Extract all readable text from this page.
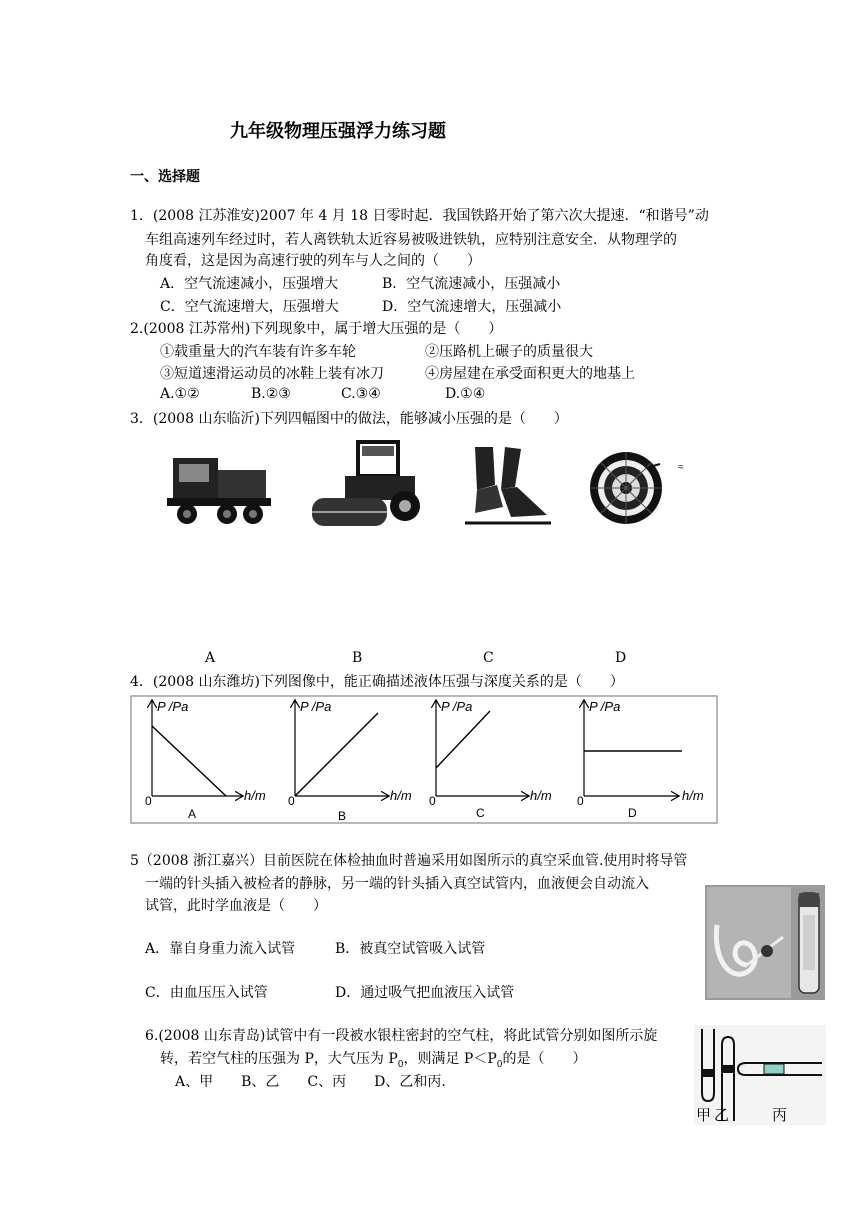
九年级物理压强浮力练习题
一、选择题
1．(2008 江苏淮安)2007 年 4 月 18 日零时起．我国铁路开始了第六次大提速．“和谐号”动
车组高速列车经过时，若人离铁轨太近容易被吸进铁轨，应特别注意安全．从物理学的
角度看，这是因为高速行驶的列车与人之间的（　　）
A．空气流速减小，压强增大	B．空气流速减小，压强减小
C．空气流速增大，压强增大	D．空气流速增大，压强减小
2.(2008 江苏常州)下列现象中，属于增大压强的是（　　）
①载重量大的汽车装有许多车轮	②压路机上碾子的质量很大
③短道速滑运动员的冰鞋上装有冰刀	④房屋建在承受面积更大的地基上
A.①②	B.②③	C.③④	D.①④
3．(2008 山东临沂)下列四幅图中的做法，能够减小压强的是（　　）
≈
A	B	C	D
4．(2008 山东潍坊)下列图像中，能正确描述液体压强与深度关系的是（　　）
P /Pa
h/m
0
A
P /Pa
h/m
0
B
P /Pa
h/m
0
C
P /Pa
h/m
0
D
5（2008 浙江嘉兴）目前医院在体检抽血时普遍采用如图所示的真空采血管.使用时将导管
一端的针头插入被检者的静脉，另一端的针头插入真空试管内，血液便会自动流入
试管，此时学血液是（　　）
A．靠自身重力流入试管	B．被真空试管吸入试管
C．由血压压入试管	D．通过吸气把血液压入试管
6.(2008 山东青岛)试管中有一段被水银柱密封的空气柱，将此试管分别如图所示旋
转，若空气柱的压强为 P，大气压为 $P_0$，则满足 $P<P_0$的是（　　）
A、甲　　B、乙　　C、丙　　D、乙和丙.
甲 乙	丙
